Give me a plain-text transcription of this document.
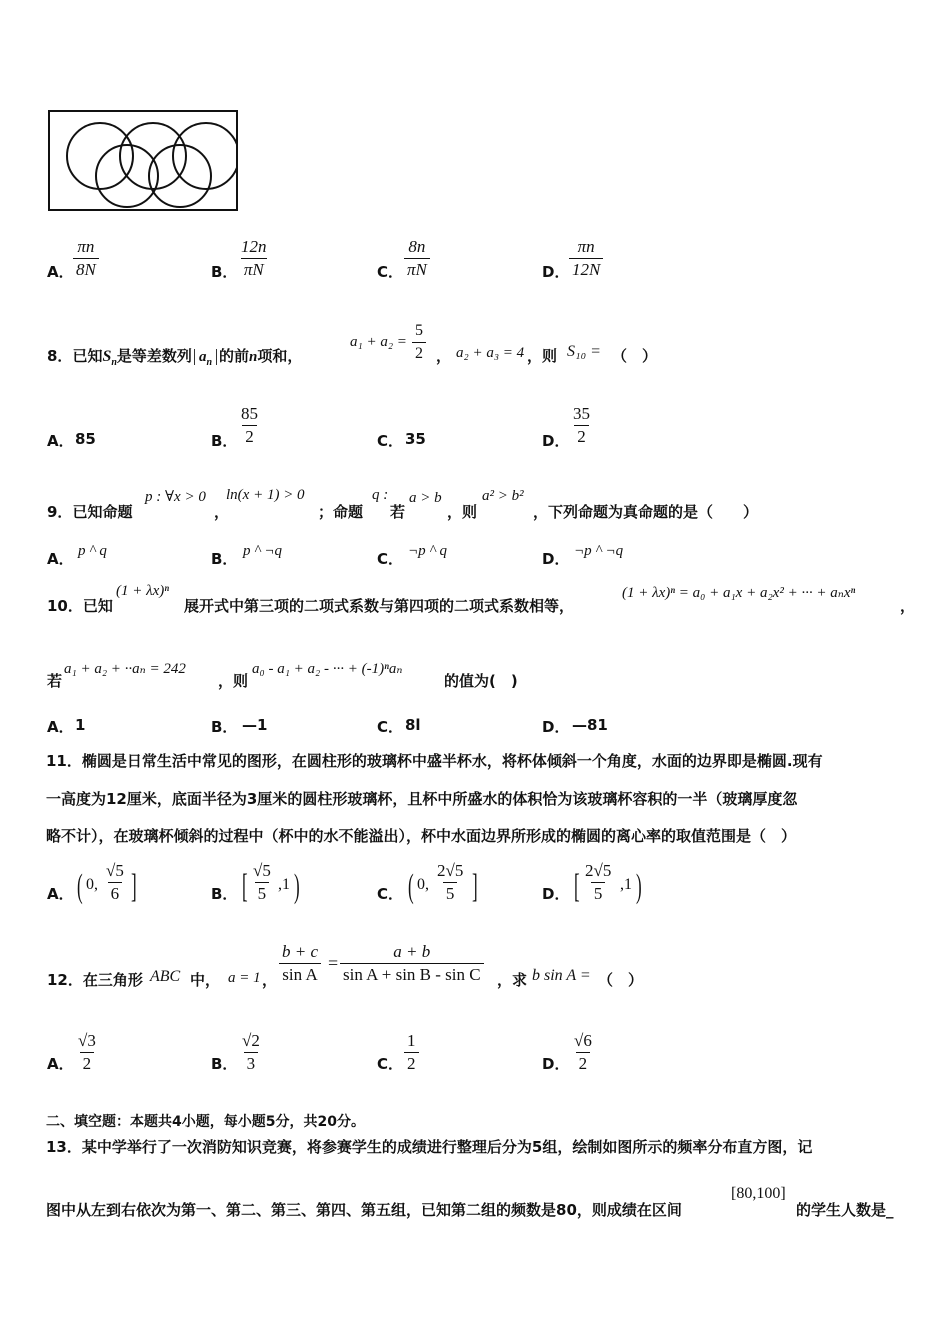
A． $\frac{\pi n}{8N}$	B． $\frac{12n}{\pi N}$	C． $\frac{8n}{\pi N}$	D． $\frac{\pi n}{12N}$
8．已知$S_n$是等差数列 $a_n$ 的前n项和，
$a_1 + a_2 = \frac{5}{2}$ ， a₂ + a₃ = 4 ，则 S₁₀ = （　）
A． 85	B． $\frac{85}{2}$	C． 35	D． $\frac{35}{2}$
9．已知命题
p : ∀x > 0
，
ln(x + 1) > 0
；命题
q :
若
a > b
，则
a² > b²
，下列命题为真命题的是（　　）
A． p ^ q	B． p ^ ¬q	C． ¬p ^ q	D． ¬p ^ ¬q
10．已知
(1 + λx)ⁿ
展开式中第三项的二项式系数与第四项的二项式系数相等，
(1 + λx)ⁿ = a₀ + a₁x + a₂x² + ··· + aₙxⁿ
，
若
a₁ + a₂ + ··aₙ = 242
，则
a₀ - a₁ + a₂ - ··· + (-1)ⁿaₙ
的值为(　)
A． 1	B． —1	C． 8l	D． —81
11．椭圆是日常生活中常见的图形，在圆柱形的玻璃杯中盛半杯水，将杯体倾斜一个角度，水面的边界即是椭圆.现有
一高度为12厘米，底面半径为3厘米的圆柱形玻璃杯，且杯中所盛水的体积恰为该玻璃杯容积的一半（玻璃厚度忽
略不计），在玻璃杯倾斜的过程中（杯中的水不能溢出），杯中水面边界所形成的椭圆的离心率的取值范围是（　）
A． ( 0, $\frac{√5}{6}$ ]	B． [ $\frac{√5}{5} ,1$ )	C． ( 0, $\frac{2√5}{5}$ ]	D． [ $\frac{2√5}{5} ,1$ )
12．在三角形 ABC 中， a = 1 ， $\frac{b + c}{\text{sin A}} = \frac{a + b}{\text{sin A + sin B - sin C}}$ ，求 b sin A = （　）
A． $\frac{√3}{2}$	B． $\frac{√2}{3}$	C． $\frac{1}{2}$	D． $\frac{√6}{2}$
二、填空题：本题共4小题，每小题5分，共20分。
13．某中学举行了一次消防知识竞赛，将参赛学生的成绩进行整理后分为5组，绘制如图所示的频率分布直方图，记
图中从左到右依次为第一、第二、第三、第四、第五组，已知第二组的频数是80，则成绩在区间
[80,100]
的学生人数是_
